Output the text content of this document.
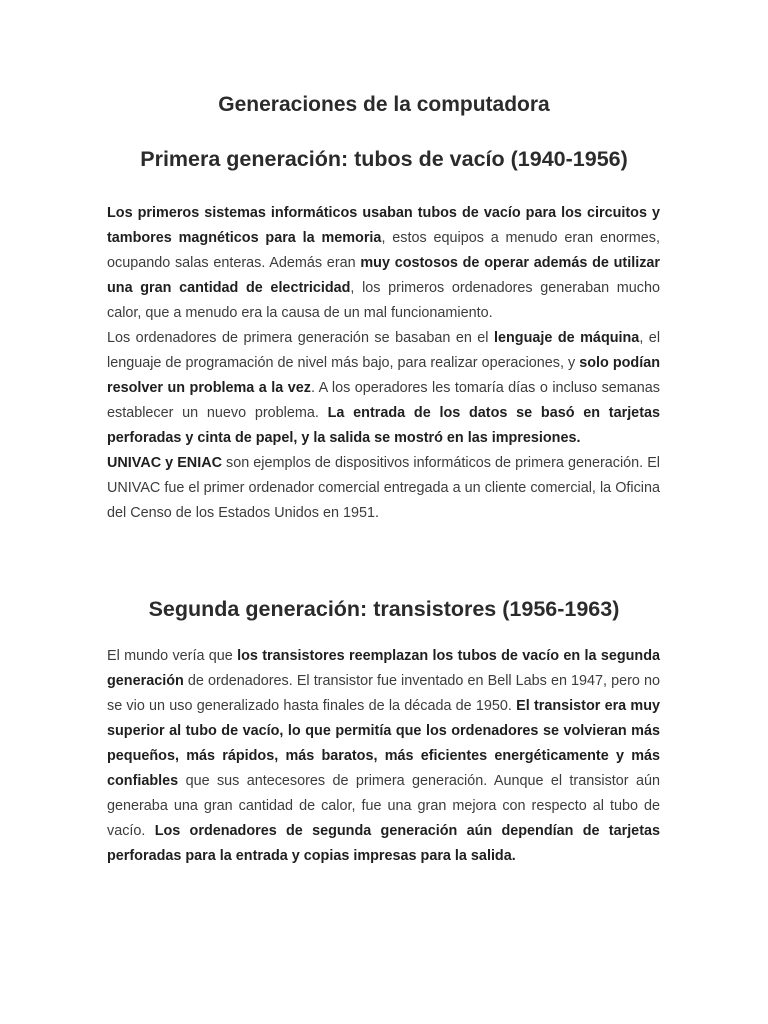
Generaciones de la computadora
Primera generación: tubos de vacío (1940-1956)

Los primeros sistemas informáticos usaban tubos de vacío para los circuitos y tambores magnéticos para la memoria, estos equipos a menudo eran enormes, ocupando salas enteras. Además eran muy costosos de operar además de utilizar una gran cantidad de electricidad, los primeros ordenadores generaban mucho calor, que a menudo era la causa de un mal funcionamiento.

Los ordenadores de primera generación se basaban en el lenguaje de máquina, el lenguaje de programación de nivel más bajo, para realizar operaciones, y solo podían resolver un problema a la vez. A los operadores les tomaría días o incluso semanas establecer un nuevo problema. La entrada de los datos se basó en tarjetas perforadas y cinta de papel, y la salida se mostró en las impresiones.

UNIVAC y ENIAC son ejemplos de dispositivos informáticos de primera generación. El UNIVAC fue el primer ordenador comercial entregada a un cliente comercial, la Oficina del Censo de los Estados Unidos en 1951.

Segunda generación: transistores (1956-1963)

El mundo vería que los transistores reemplazan los tubos de vacío en la segunda generación de ordenadores. El transistor fue inventado en Bell Labs en 1947, pero no se vio un uso generalizado hasta finales de la década de 1950. El transistor era muy superior al tubo de vacío, lo que permitía que los ordenadores se volvieran más pequeños, más rápidos, más baratos, más eficientes energéticamente y más confiables que sus antecesores de primera generación. Aunque el transistor aún generaba una gran cantidad de calor, fue una gran mejora con respecto al tubo de vacío. Los ordenadores de segunda generación aún dependían de tarjetas perforadas para la entrada y copias impresas para la salida.
